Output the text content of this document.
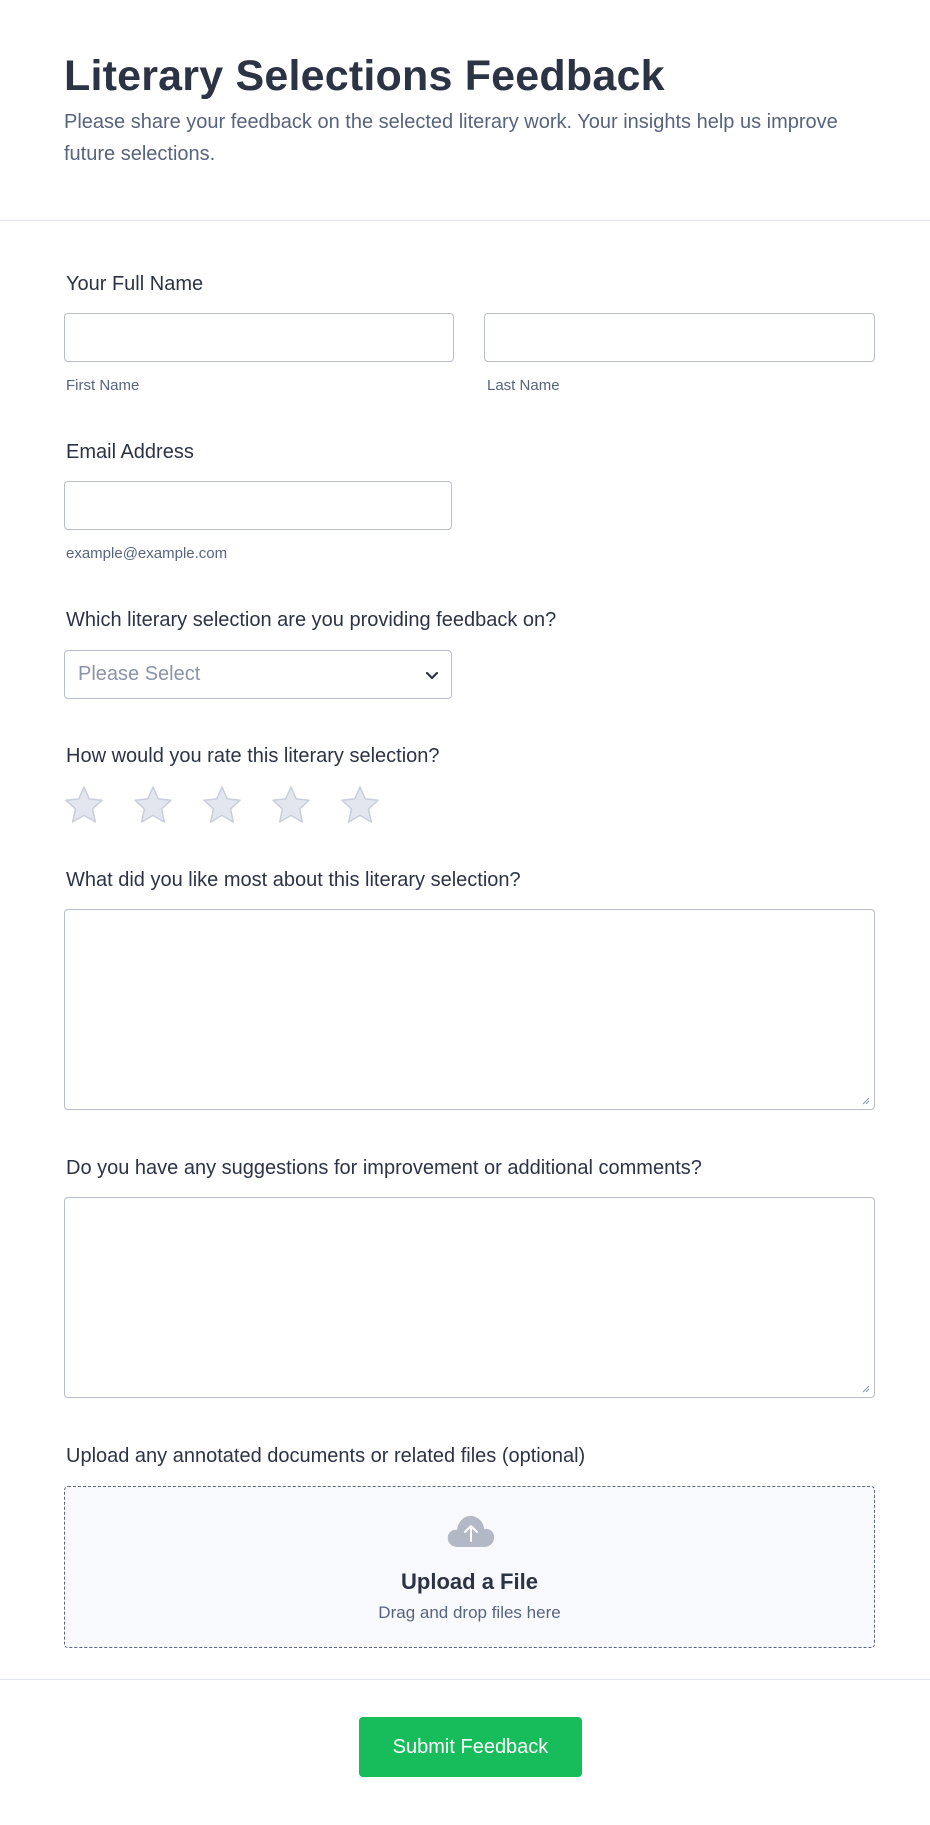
Literary Selections Feedback
Please share your feedback on the selected literary work. Your insights help us improve future selections.
Your Full Name
First Name	Last Name
Email Address
example@example.com
Which literary selection are you providing feedback on?
Please Select
How would you rate this literary selection?
What did you like most about this literary selection?
Do you have any suggestions for improvement or additional comments?
Upload any annotated documents or related files (optional)
Upload a File
Drag and drop files here
Submit Feedback
